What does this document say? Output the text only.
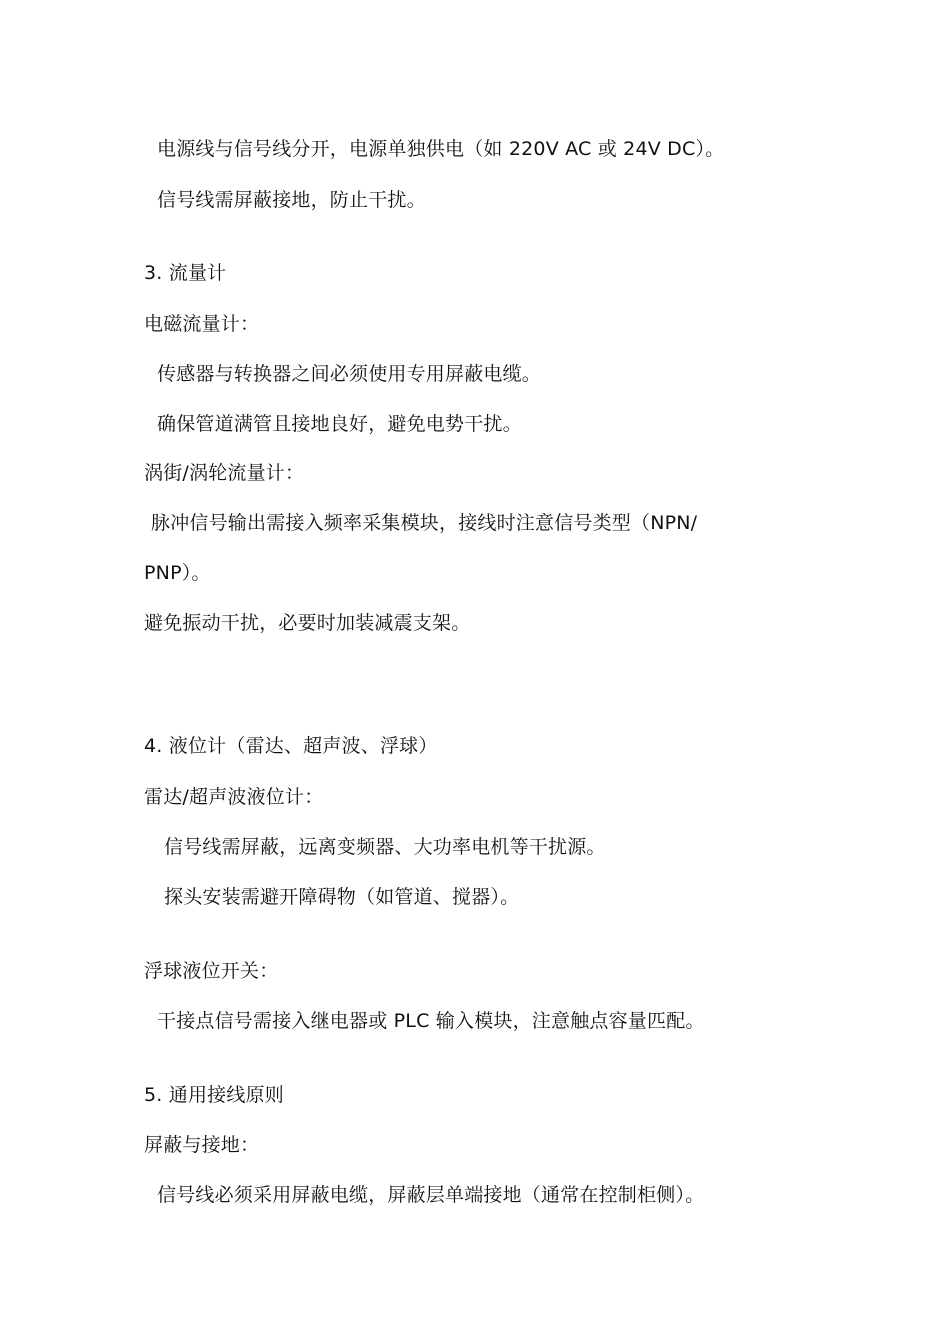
电源线与信号线分开，电源单独供电（如 220V AC 或 24V DC）。
信号线需屏蔽接地，防止干扰。
3. 流量计
电磁流量计：
传感器与转换器之间必须使用专用屏蔽电缆。
确保管道满管且接地良好，避免电势干扰。
涡街/涡轮流量计：
脉冲信号输出需接入频率采集模块，接线时注意信号类型（NPN/
PNP）。
避免振动干扰，必要时加装减震支架。
4. 液位计（雷达、超声波、浮球）
雷达/超声波液位计：
信号线需屏蔽，远离变频器、大功率电机等干扰源。
探头安装需避开障碍物（如管道、搅器）。
浮球液位开关：
干接点信号需接入继电器或 PLC 输入模块，注意触点容量匹配。
5. 通用接线原则
屏蔽与接地：
信号线必须采用屏蔽电缆，屏蔽层单端接地（通常在控制柜侧）。
